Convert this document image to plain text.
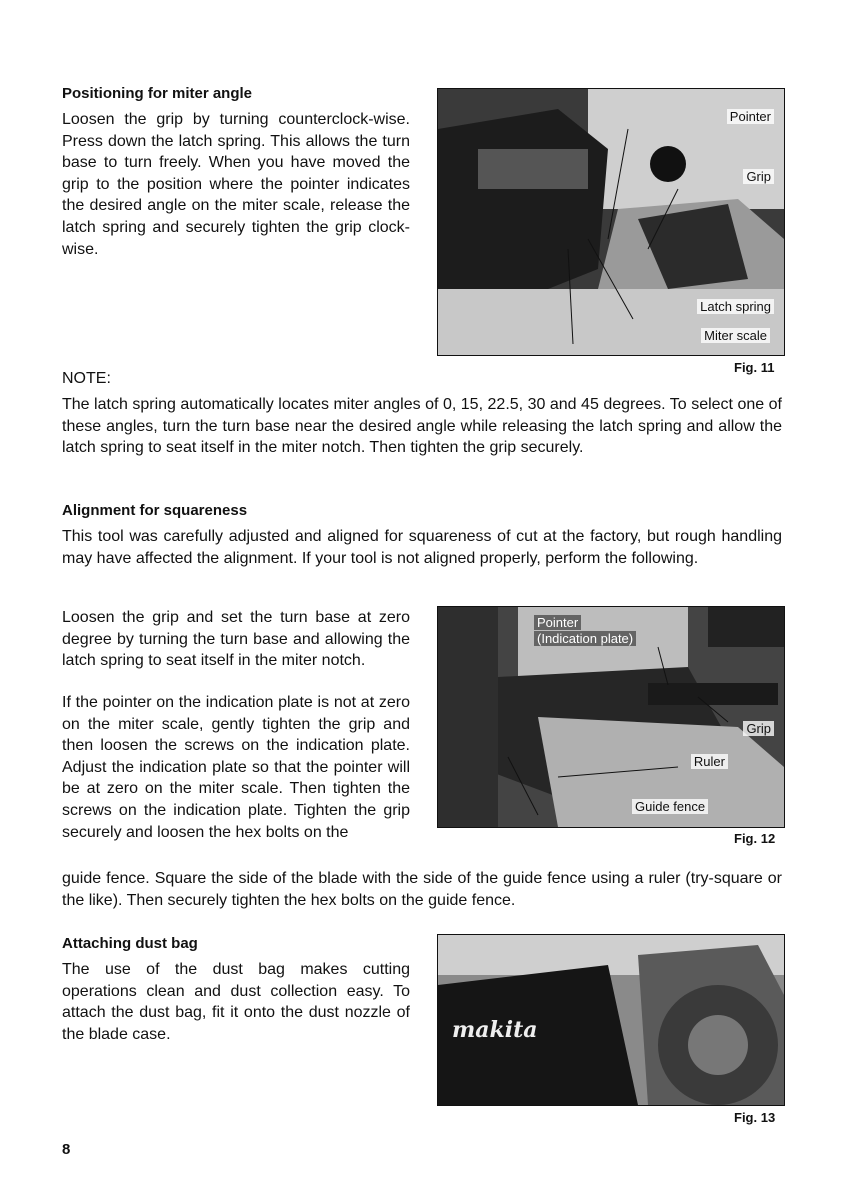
Positioning for miter angle
Loosen the grip by turning counterclock-wise. Press down the latch spring. This allows the turn base to turn freely. When you have moved the grip to the position where the pointer indicates the desired angle on the miter scale, release the latch spring and securely tighten the grip clock-wise.
Pointer
Grip
Latch spring
Miter scale
Fig. 11
NOTE:
The latch spring automatically locates miter angles of 0, 15, 22.5, 30 and 45 degrees. To select one of these angles, turn the turn base near the desired angle while releasing the latch spring and allow the latch spring to seat itself in the miter notch. Then tighten the grip securely.
Alignment for squareness
This tool was carefully adjusted and aligned for squareness of cut at the factory, but rough handling may have affected the alignment. If your tool is not aligned properly, perform the following.
Loosen the grip and set the turn base at zero degree by turning the turn base and allowing the latch spring to seat itself in the miter notch.
If the pointer on the indication plate is not at zero on the miter scale, gently tighten the grip and then loosen the screws on the indication plate. Adjust the indication plate so that the pointer will be at zero on the miter scale. Then tighten the screws on the indication plate. Tighten the grip securely and loosen the hex bolts on the
guide fence. Square the side of the blade with the side of the guide fence using a ruler (try-square or the like). Then securely tighten the hex bolts on the guide fence.
Pointer
(Indication plate)
Grip
Ruler
Guide fence
Fig. 12
Attaching dust bag
The use of the dust bag makes cutting operations clean and dust collection easy. To attach the dust bag, fit it onto the dust nozzle of the blade case.	makita
Fig. 13
8
